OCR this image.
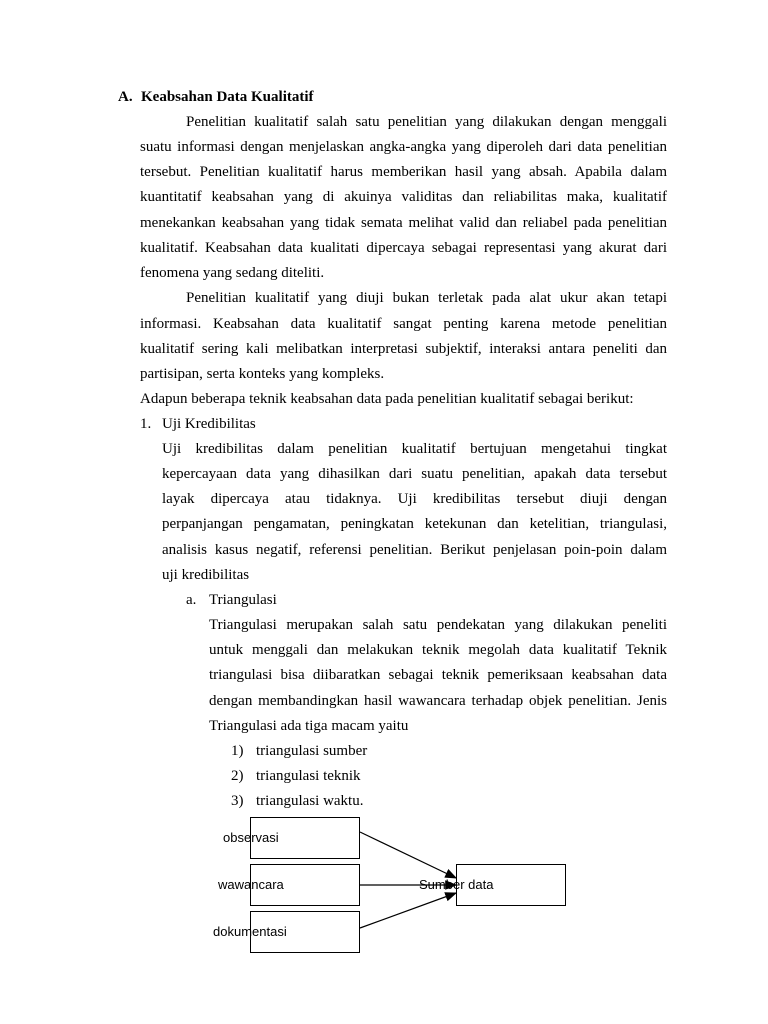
A. Keabsahan Data Kualitatif
Penelitian kualitatif salah satu penelitian yang dilakukan dengan menggali
suatu informasi dengan menjelaskan angka-angka yang diperoleh dari data penelitian
tersebut. Penelitian kualitatif harus memberikan hasil yang absah. Apabila dalam
kuantitatif keabsahan yang di akuinya validitas dan reliabilitas maka, kualitatif
menekankan keabsahan yang tidak semata melihat valid dan reliabel pada penelitian
kualitatif. Keabsahan data kualitati dipercaya sebagai representasi yang akurat dari
fenomena yang sedang diteliti.
Penelitian kualitatif yang diuji bukan terletak pada alat ukur akan tetapi
informasi. Keabsahan data kualitatif sangat penting karena metode penelitian
kualitatif sering kali melibatkan interpretasi subjektif, interaksi antara peneliti dan
partisipan, serta konteks yang kompleks.
Adapun beberapa teknik keabsahan data pada penelitian kualitatif sebagai berikut:
1. Uji Kredibilitas
Uji kredibilitas dalam penelitian kualitatif bertujuan mengetahui tingkat
kepercayaan data yang dihasilkan dari suatu penelitian, apakah data tersebut
layak dipercaya atau tidaknya. Uji kredibilitas tersebut diuji dengan
perpanjangan pengamatan, peningkatan ketekunan dan ketelitian, triangulasi,
analisis kasus negatif, referensi penelitian. Berikut penjelasan poin-poin dalam
uji kredibilitas
a. Triangulasi
Triangulasi merupakan salah satu pendekatan yang dilakukan peneliti
untuk menggali dan melakukan teknik megolah data kualitatif Teknik
triangulasi bisa diibaratkan sebagai teknik pemeriksaan keabsahan data
dengan membandingkan hasil wawancara terhadap objek penelitian. Jenis
Triangulasi ada tiga macam yaitu
1) triangulasi sumber
2) triangulasi teknik
3) triangulasi waktu.
observasi
wawancara
dokumentasi
Sumber data
